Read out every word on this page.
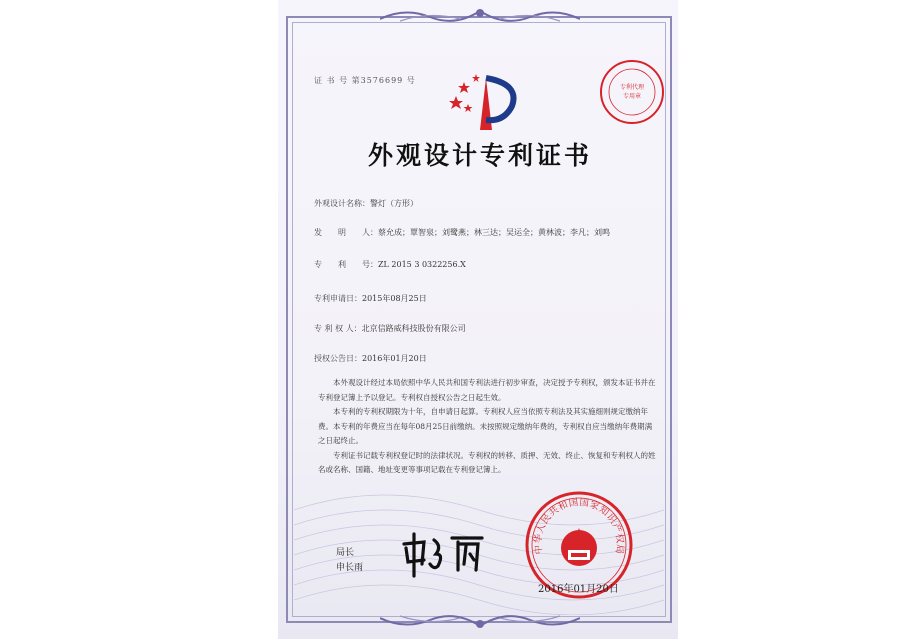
证 书 号 第3576699 号
专利代理
专用章
外观设计专利证书
外观设计名称：警灯（方形）
发　　明　　人：蔡允成；覃智泉；刘鹭燕；林三达；吴运全；黄林波；李凡；刘鸣
专　　利　　号：ZL 2015 3 0322256.X
专利申请日：2015年08月25日
专 利 权 人：北京信路威科技股份有限公司
授权公告日：2016年01月20日

本外观设计经过本局依照中华人民共和国专利法进行初步审查，决定授予专利权，颁发本证书并在专利登记簿上予以登记。专利权自授权公告之日起生效。

本专利的专利权期限为十年，自申请日起算。专利权人应当依照专利法及其实施细则规定缴纳年费。本专利的年费应当在每年08月25日前缴纳。未按照规定缴纳年费的，专利权自应当缴纳年费期满之日起终止。

专利证书记载专利权登记时的法律状况。专利权的转移、质押、无效、终止、恢复和专利权人的姓名或名称、国籍、地址变更等事项记载在专利登记簿上。

局长
申长雨
中华人民共和国国家知识产权局
2016年01月20日
